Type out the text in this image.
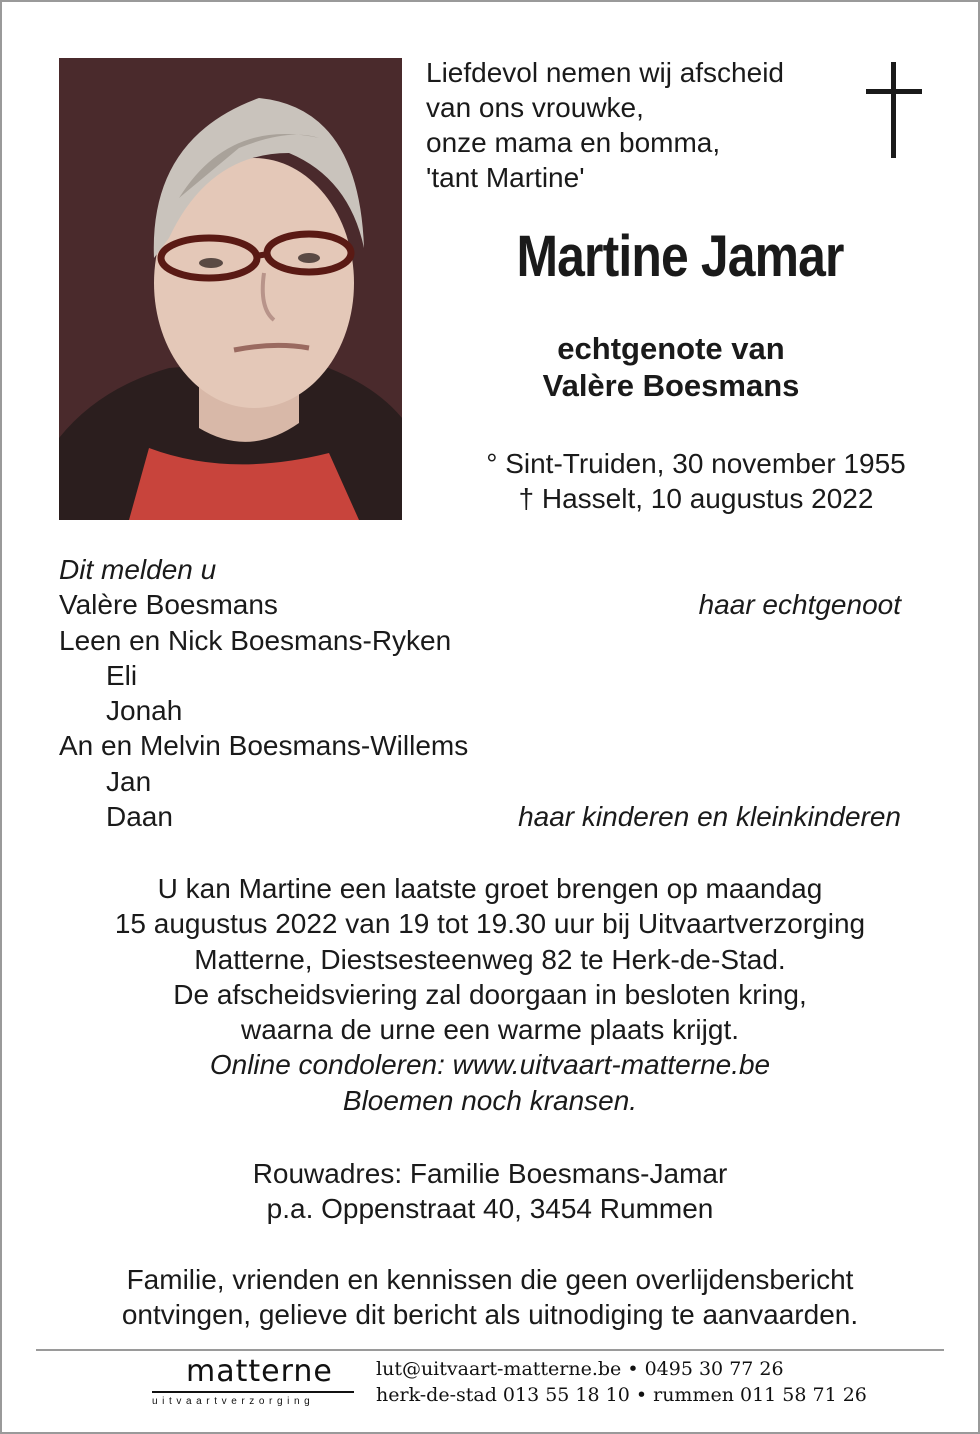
Liefdevol nemen wij afscheid
van ons vrouwke,
onze mama en bomma,
'tant Martine'
Martine Jamar
echtgenote van
Valère Boesmans
° Sint-Truiden, 30 november 1955
† Hasselt, 10 augustus 2022
Dit melden u
Valère Boesmans	haar echtgenoot
Leen en Nick Boesmans-Ryken
Eli
Jonah
An en Melvin Boesmans-Willems
Jan
Daan	haar kinderen en kleinkinderen
U kan Martine een laatste groet brengen op maandag
15 augustus 2022 van 19 tot 19.30 uur bij Uitvaartverzorging
Matterne, Diestsesteenweg 82 te Herk-de-Stad.
De afscheidsviering zal doorgaan in besloten kring,
waarna de urne een warme plaats krijgt.
Online condoleren: www.uitvaart-matterne.be
Bloemen noch kransen.
Rouwadres: Familie Boesmans-Jamar
p.a. Oppenstraat 40, 3454 Rummen
Familie, vrienden en kennissen die geen overlijdensbericht
ontvingen, gelieve dit bericht als uitnodiging te aanvaarden.
matterne
uitvaartverzorging
lut@uitvaart-matterne.be • 0495 30 77 26
herk-de-stad 013 55 18 10 • rummen 011 58 71 26
